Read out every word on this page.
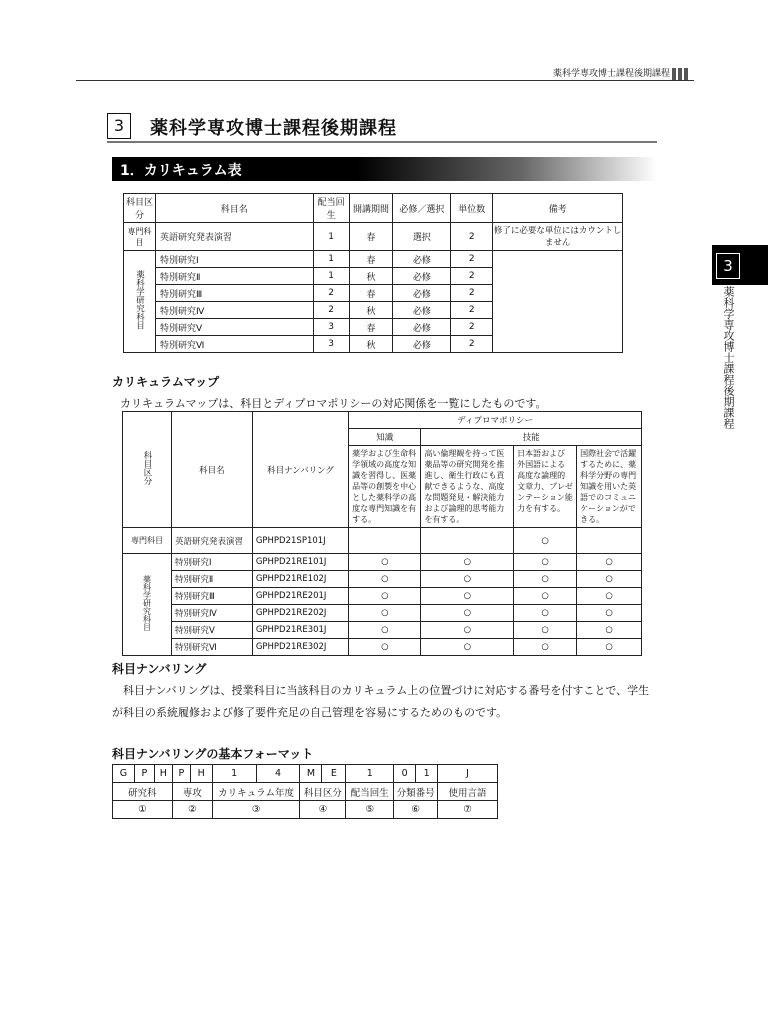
薬科学専攻博士課程後期課程
3	薬科学専攻博士課程後期課程
1．カリキュラム表
3
薬科学専攻博士課程後期課程
科目区分	科目名	配当回生	開講期間	必修／選択	単位数	備考
専門科目	英語研究発表演習	1	春	選択	2	修了に必要な単位にはカウントしません
薬科学研究科目	特別研究Ⅰ	1	春	必修	2	
	特別研究Ⅱ	1	秋	必修	2	
	特別研究Ⅲ	2	春	必修	2	
	特別研究Ⅳ	2	秋	必修	2	
	特別研究Ⅴ	3	春	必修	2	
	特別研究Ⅵ	3	秋	必修	2	
カリキュラムマップ
カリキュラムマップは、科目とディプロマポリシーの対応関係を一覧にしたものです。
科目区分	科目名	科目ナンバリング	ディプロマポリシー			
			知識	技能		
			薬学および生命科学領域の高度な知識を習得し、医薬品等の創製を中心とした薬科学の高度な専門知識を有する。	高い倫理観を持って医薬品等の研究開発を推進し、衛生行政にも貢献できるような、高度な問題発見・解決能力および論理的思考能力を有する。	日本語および外国語による高度な論理的文章力、プレゼンテーション能力を有する。	国際社会で活躍するために、薬科学分野の専門知識を用いた英語でのコミュニケーションができる。
専門科目	英語研究発表演習	GPHPD21SP101J			○	
薬科学研究科目	特別研究Ⅰ	GPHPD21RE101J	○	○	○	○
	特別研究Ⅱ	GPHPD21RE102J	○	○	○	○
	特別研究Ⅲ	GPHPD21RE201J	○	○	○	○
	特別研究Ⅳ	GPHPD21RE202J	○	○	○	○
	特別研究Ⅴ	GPHPD21RE301J	○	○	○	○
	特別研究Ⅵ	GPHPD21RE302J	○	○	○	○
科目ナンバリング
科目ナンバリングは、授業科目に当該科目のカリキュラム上の位置づけに対応する番号を付すことで、学生
が科目の系統履修および修了要件充足の自己管理を容易にするためのものです。
科目ナンバリングの基本フォーマット
G	P	H	P	H	1	4	M	E	1	0	1	J
研究科			専攻		カリキュラム年度		科目区分		配当回生	分類番号		使用言語
①			②		③		④		⑤	⑥		⑦
